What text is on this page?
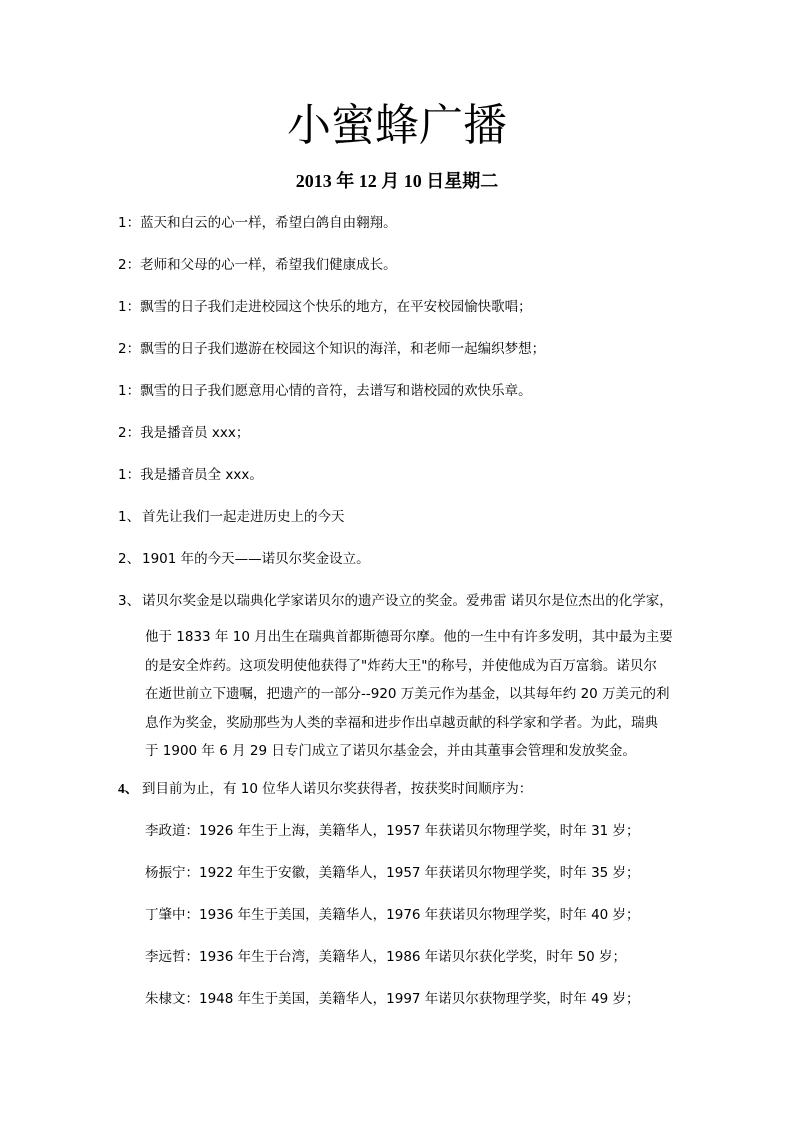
小蜜蜂广播
2013 年 12 月 10 日星期二
1：蓝天和白云的心一样，希望白鸽自由翱翔。
2：老师和父母的心一样，希望我们健康成长。
1：飘雪的日子我们走进校园这个快乐的地方，在平安校园愉快歌唱；
2：飘雪的日子我们遨游在校园这个知识的海洋，和老师一起编织梦想；
1：飘雪的日子我们愿意用心情的音符，去谱写和谐校园的欢快乐章。
2：我是播音员 xxx；
1：我是播音员全 xxx。
1、 首先让我们一起走进历史上的今天
2、 1901 年的今天——诺贝尔奖金设立。
3、 诺贝尔奖金是以瑞典化学家诺贝尔的遗产设立的奖金。爱弗雷 诺贝尔是位杰出的化学家，
他于 1833 年 10 月出生在瑞典首都斯德哥尔摩。他的一生中有许多发明，其中最为主要
的是安全炸药。这项发明使他获得了"炸药大王"的称号，并使他成为百万富翁。诺贝尔
在逝世前立下遗嘱，把遗产的一部分--920 万美元作为基金，以其每年约 20 万美元的利
息作为奖金，奖励那些为人类的幸福和进步作出卓越贡献的科学家和学者。为此，瑞典
于 1900 年 6 月 29 日专门成立了诺贝尔基金会，并由其董事会管理和发放奖金。
4、 到目前为止，有 10 位华人诺贝尔奖获得者，按获奖时间顺序为：
李政道：1926 年生于上海，美籍华人，1957 年获诺贝尔物理学奖，时年 31 岁；
杨振宁：1922 年生于安徽，美籍华人，1957 年获诺贝尔物理学奖，时年 35 岁；
丁肇中：1936 年生于美国，美籍华人，1976 年获诺贝尔物理学奖，时年 40 岁；
李远哲：1936 年生于台湾，美籍华人，1986 年诺贝尔获化学奖，时年 50 岁；
朱棣文：1948 年生于美国，美籍华人，1997 年诺贝尔获物理学奖，时年 49 岁；
